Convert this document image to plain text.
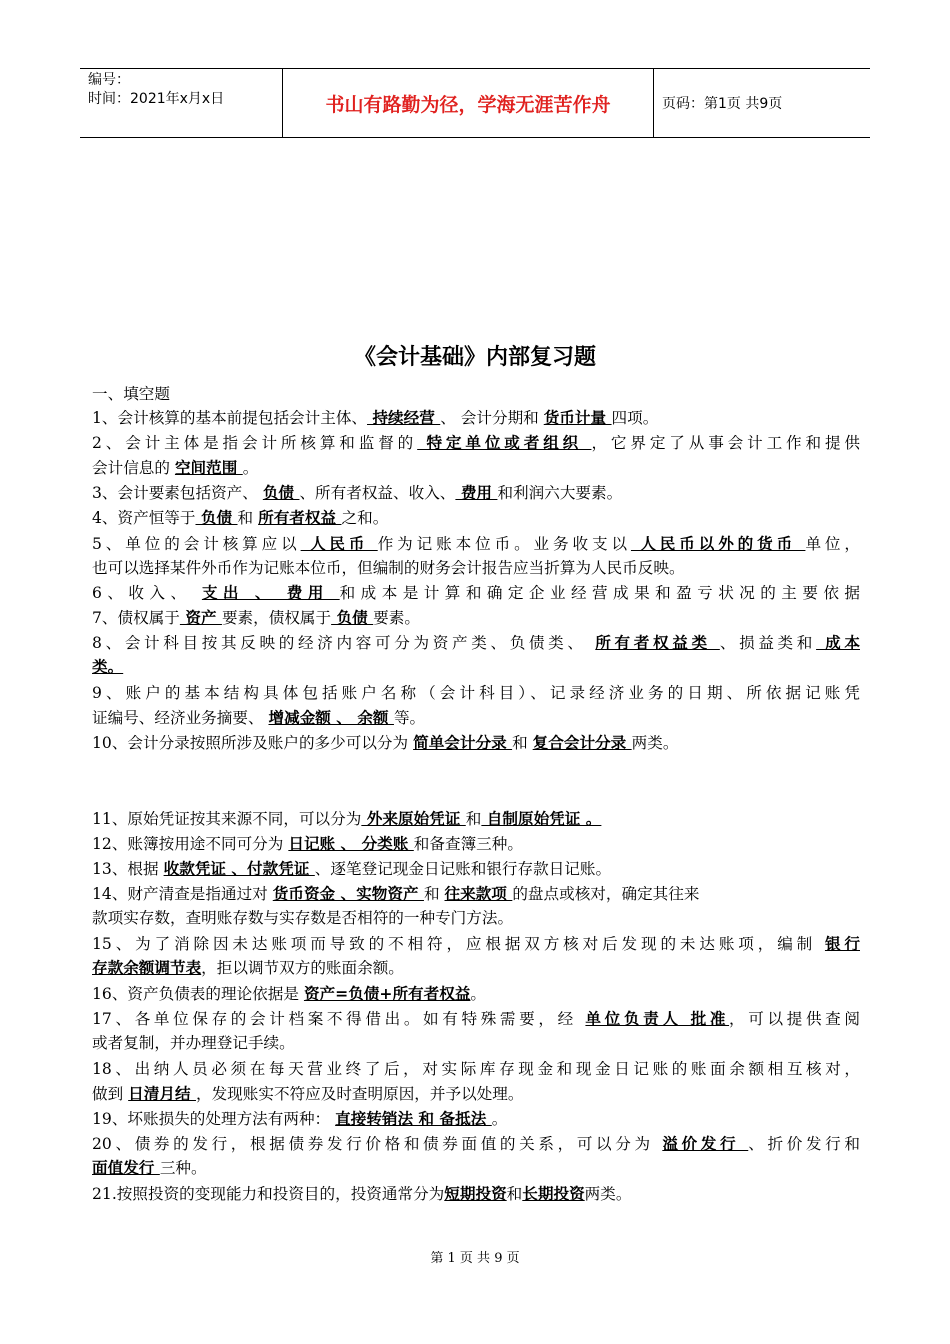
编号：
时间：2021年x月x日	书山有路勤为径，学海无涯苦作舟	页码：第1页 共9页
《会计基础》内部复习题
一、填空题
1、会计核算的基本前提包括会计主体、 持续经营 、 会计分期和 货币计量 四项。
2、会计主体是指会计所核算和监督的 特定单位或者组织 ，它界定了从事会计工作和提供
会计信息的 空间范围 。
3、会计要素包括资产、 负债 、所有者权益、收入、 费用 和利润六大要素。
4、资产恒等于 负债 和 所有者权益 之和。
5、单位的会计核算应以 人民币 作为记账本位币。业务收支以 人民币以外的货币 单位，
也可以选择某件外币作为记账本位币，但编制的财务会计报告应当折算为人民币反映。
6、收入、 支出 、 费用 和成本是计算和确定企业经营成果和盈亏状况的主要依据
7、债权属于 资产 要素，债权属于 负债 要素。
8、会计科目按其反映的经济内容可分为资产类、负债类、 所有者权益类 、损益类和 成本
类。
9、账户的基本结构具体包括账户名称（会计科目）、记录经济业务的日期、所依据记账凭
证编号、经济业务摘要、 增减金额 、 余额 等。
10、会计分录按照所涉及账户的多少可以分为 简单会计分录 和 复合会计分录 两类。
11、原始凭证按其来源不同，可以分为 外来原始凭证 和 自制原始凭证 。
12、账簿按用途不同可分为 日记账 、 分类账 和备查簿三种。
13、根据 收款凭证 、付款凭证 、逐笔登记现金日记账和银行存款日记账。
14、财产清查是指通过对 货币资金 、实物资产 和 往来款项 的盘点或核对，确定其往来
款项实存数，查明账存数与实存数是否相符的一种专门方法。
15、为了消除因未达账项而导致的不相符，应根据双方核对后发现的未达账项，编制 银行
存款余额调节表，拒以调节双方的账面余额。
16、资产负债表的理论依据是 资产=负债+所有者权益。
17、各单位保存的会计档案不得借出。如有特殊需要，经 单位负责人 批准，可以提供查阅
或者复制，并办理登记手续。
18、出纳人员必须在每天营业终了后，对实际库存现金和现金日记账的账面余额相互核对，
做到 日清月结 ，发现账实不符应及时查明原因，并予以处理。
19、坏账损失的处理方法有两种： 直接转销法 和 备抵法 。
20、债券的发行，根据债券发行价格和债券面值的关系，可以分为 溢价发行 、折价发行和
面值发行 三种。
21.按照投资的变现能力和投资目的，投资通常分为短期投资和长期投资两类。
第 1 页 共 9 页
